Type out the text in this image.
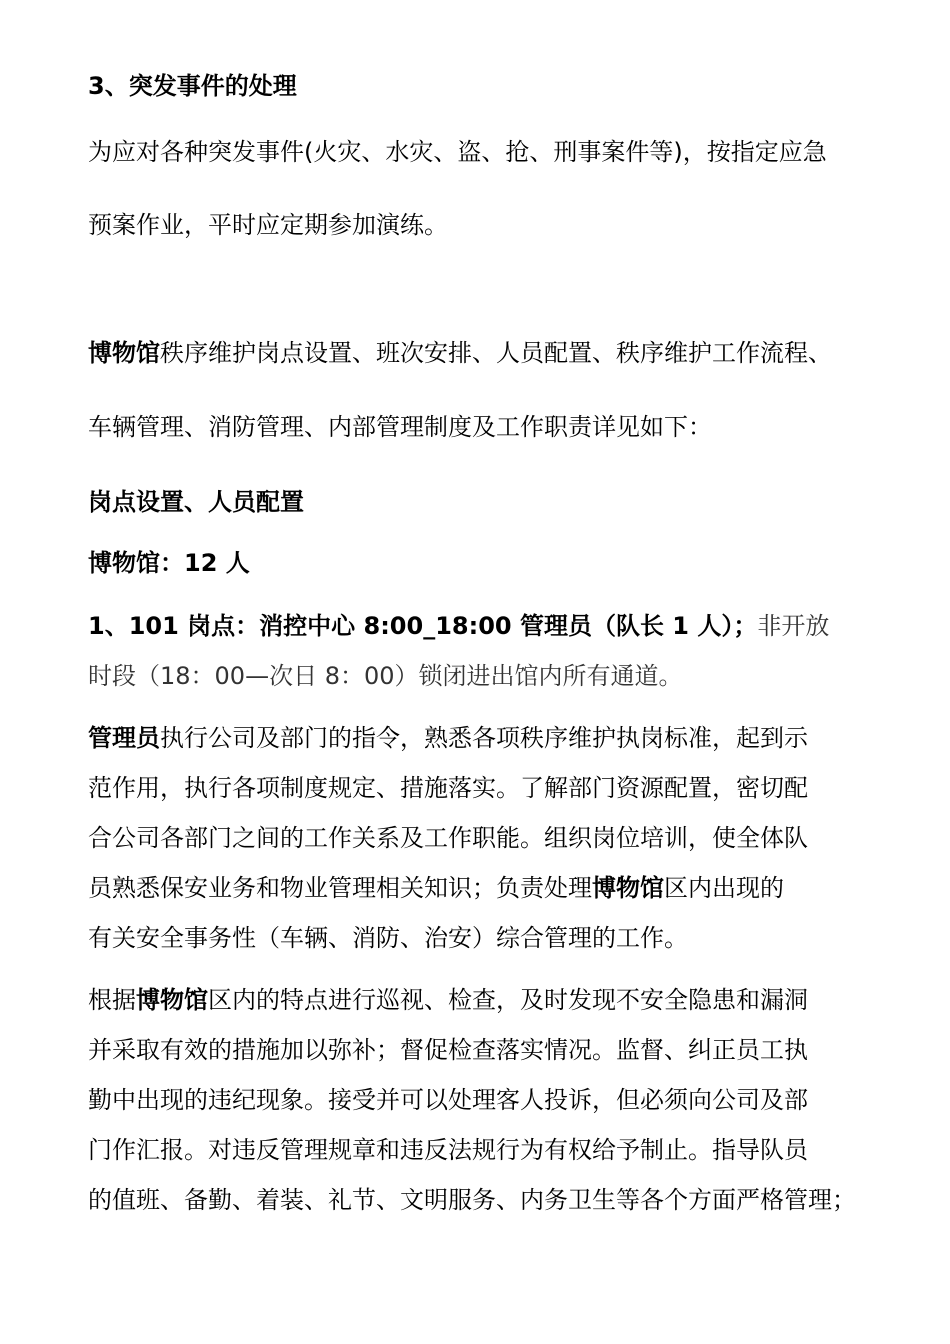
3、突发事件的处理
为应对各种突发事件(火灾、水灾、盗、抢、刑事案件等)，按指定应急
预案作业，平时应定期参加演练。
博物馆秩序维护岗点设置、班次安排、人员配置、秩序维护工作流程、
车辆管理、消防管理、内部管理制度及工作职责详见如下：
岗点设置、人员配置
博物馆：12 人
1、101 岗点：消控中心 8:00_18:00 管理员（队长 1 人）；非开放
时段（18：00—次日 8：00）锁闭进出馆内所有通道。
管理员执行公司及部门的指令，熟悉各项秩序维护执岗标准，起到示
范作用，执行各项制度规定、措施落实。了解部门资源配置，密切配
合公司各部门之间的工作关系及工作职能。组织岗位培训，使全体队
员熟悉保安业务和物业管理相关知识；负责处理博物馆区内出现的
有关安全事务性（车辆、消防、治安）综合管理的工作。
根据博物馆区内的特点进行巡视、检查，及时发现不安全隐患和漏洞
并采取有效的措施加以弥补；督促检查落实情况。监督、纠正员工执
勤中出现的违纪现象。接受并可以处理客人投诉，但必须向公司及部
门作汇报。对违反管理规章和违反法规行为有权给予制止。指导队员
的值班、备勤、着装、礼节、文明服务、内务卫生等各个方面严格管理；
